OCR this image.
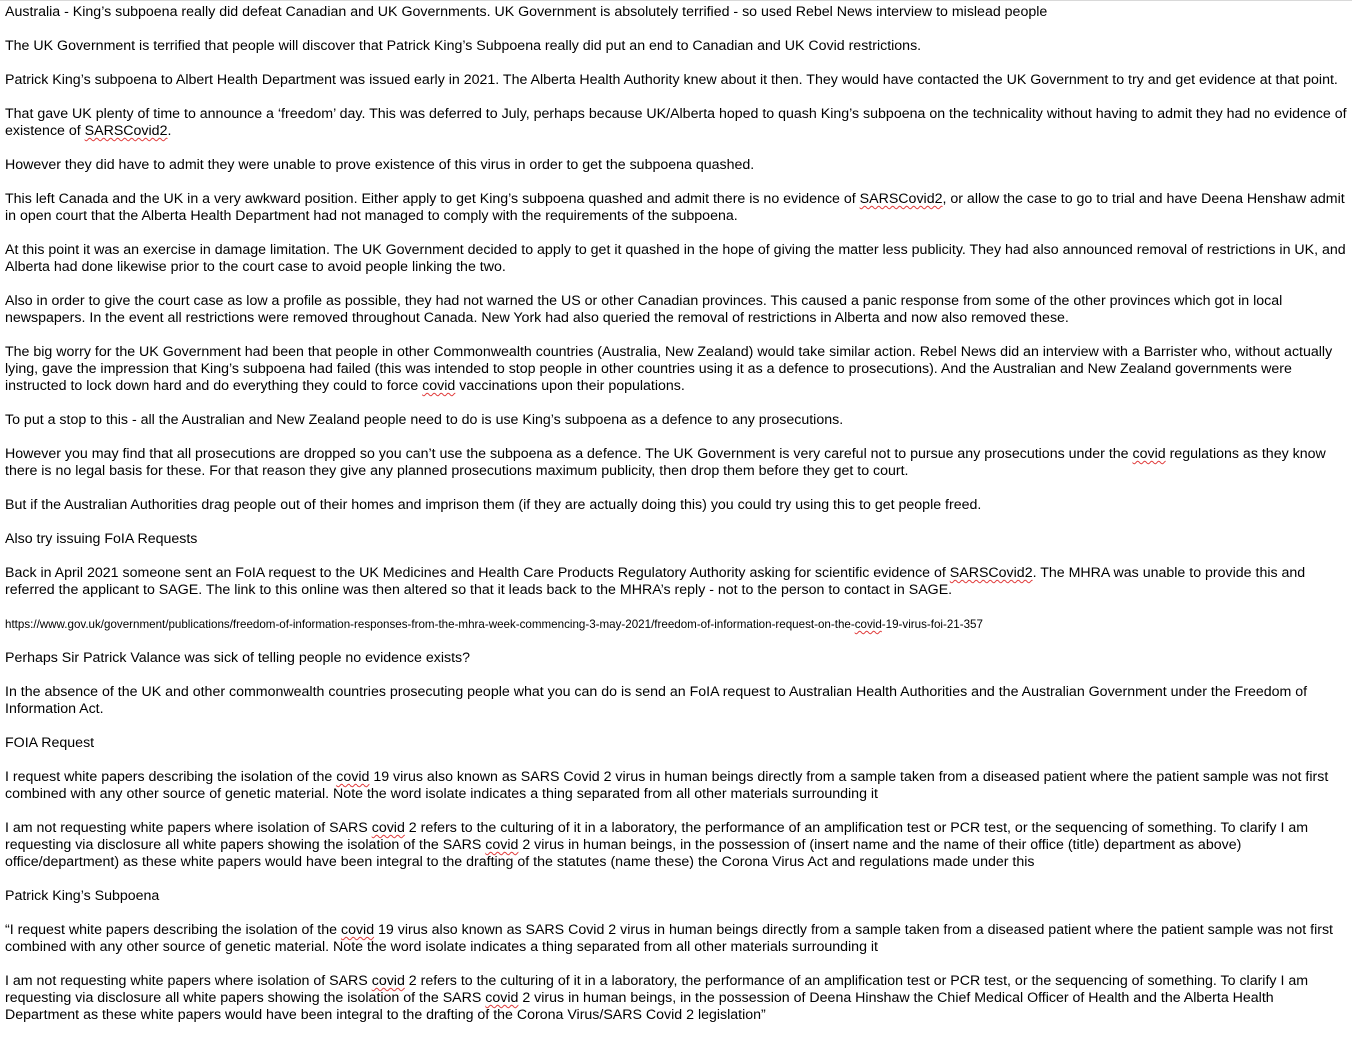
Australia - King’s subpoena really did defeat Canadian and UK Governments. UK Government is absolutely terrified - so used Rebel News interview to mislead people

The UK Government is terrified that people will discover that Patrick King’s Subpoena really did put an end to Canadian and UK Covid restrictions.

Patrick King’s subpoena to Albert Health Department was issued early in 2021. The Alberta Health Authority knew about it then. They would have contacted the UK Government to try and get evidence at that point.

That gave UK plenty of time to announce a ‘freedom’ day. This was deferred to July, perhaps because UK/Alberta hoped to quash King’s subpoena on the technicality without having to admit they had no evidence of existence of SARSCovid2.

However they did have to admit they were unable to prove existence of this virus in order to get the subpoena quashed.

This left Canada and the UK in a very awkward position. Either apply to get King’s subpoena quashed and admit there is no evidence of SARSCovid2, or allow the case to go to trial and have Deena Henshaw admit in open court that the Alberta Health Department had not managed to comply with the requirements of the subpoena.

At this point it was an exercise in damage limitation. The UK Government decided to apply to get it quashed in the hope of giving the matter less publicity. They had also announced removal of restrictions in UK, and Alberta had done likewise prior to the court case to avoid people linking the two.

Also in order to give the court case as low a profile as possible, they had not warned the US or other Canadian provinces. This caused a panic response from some of the other provinces which got in local newspapers. In the event all restrictions were removed throughout Canada. New York had also queried the removal of restrictions in Alberta and now also removed these.

The big worry for the UK Government had been that people in other Commonwealth countries (Australia, New Zealand) would take similar action. Rebel News did an interview with a Barrister who, without actually lying, gave the impression that King’s subpoena had failed (this was intended to stop people in other countries using it as a defence to prosecutions). And the Australian and New Zealand governments were instructed to lock down hard and do everything they could to force covid vaccinations upon their populations.

To put a stop to this - all the Australian and New Zealand people need to do is use King’s subpoena as a defence to any prosecutions.

However you may find that all prosecutions are dropped so you can’t use the subpoena as a defence. The UK Government is very careful not to pursue any prosecutions under the covid regulations as they know there is no legal basis for these. For that reason they give any planned prosecutions maximum publicity, then drop them before they get to court.

But if the Australian Authorities drag people out of their homes and imprison them (if they are actually doing this) you could try using this to get people freed.

Also try issuing FoIA Requests

Back in April 2021 someone sent an FoIA request to the UK Medicines and Health Care Products Regulatory Authority asking for scientific evidence of SARSCovid2. The MHRA was unable to provide this and referred the applicant to SAGE. The link to this online was then altered so that it leads back to the MHRA’s reply - not to the person to contact in SAGE.

https://www.gov.uk/government/publications/freedom-of-information-responses-from-the-mhra-week-commencing-3-may-2021/freedom-of-information-request-on-the-covid-19-virus-foi-21-357

Perhaps Sir Patrick Valance was sick of telling people no evidence exists?

In the absence of the UK and other commonwealth countries prosecuting people what you can do is send an FoIA request to Australian Health Authorities and the Australian Government under the Freedom of Information Act.

FOIA Request

I request white papers describing the isolation of the covid 19 virus also known as SARS Covid 2 virus in human beings directly from a sample taken from a diseased patient where the patient sample was not first combined with any other source of genetic material. Note the word isolate indicates a thing separated from all other materials surrounding it

I am not requesting white papers where isolation of SARS covid 2 refers to the culturing of it in a laboratory, the performance of an amplification test or PCR test, or the sequencing of something. To clarify I am requesting via disclosure all white papers showing the isolation of the SARS covid 2 virus in human beings, in the possession of (insert name and the name of their office (title) department as above) office/department) as these white papers would have been integral to the drafting of the statutes (name these) the Corona Virus Act and regulations made under this

Patrick King’s Subpoena

“I request white papers describing the isolation of the covid 19 virus also known as SARS Covid 2 virus in human beings directly from a sample taken from a diseased patient where the patient sample was not first combined with any other source of genetic material. Note the word isolate indicates a thing separated from all other materials surrounding it

I am not requesting white papers where isolation of SARS covid 2 refers to the culturing of it in a laboratory, the performance of an amplification test or PCR test, or the sequencing of something. To clarify I am requesting via disclosure all white papers showing the isolation of the SARS covid 2 virus in human beings, in the possession of Deena Hinshaw the Chief Medical Officer of Health and the Alberta Health Department as these white papers would have been integral to the drafting of the Corona Virus/SARS Covid 2 legislation”
